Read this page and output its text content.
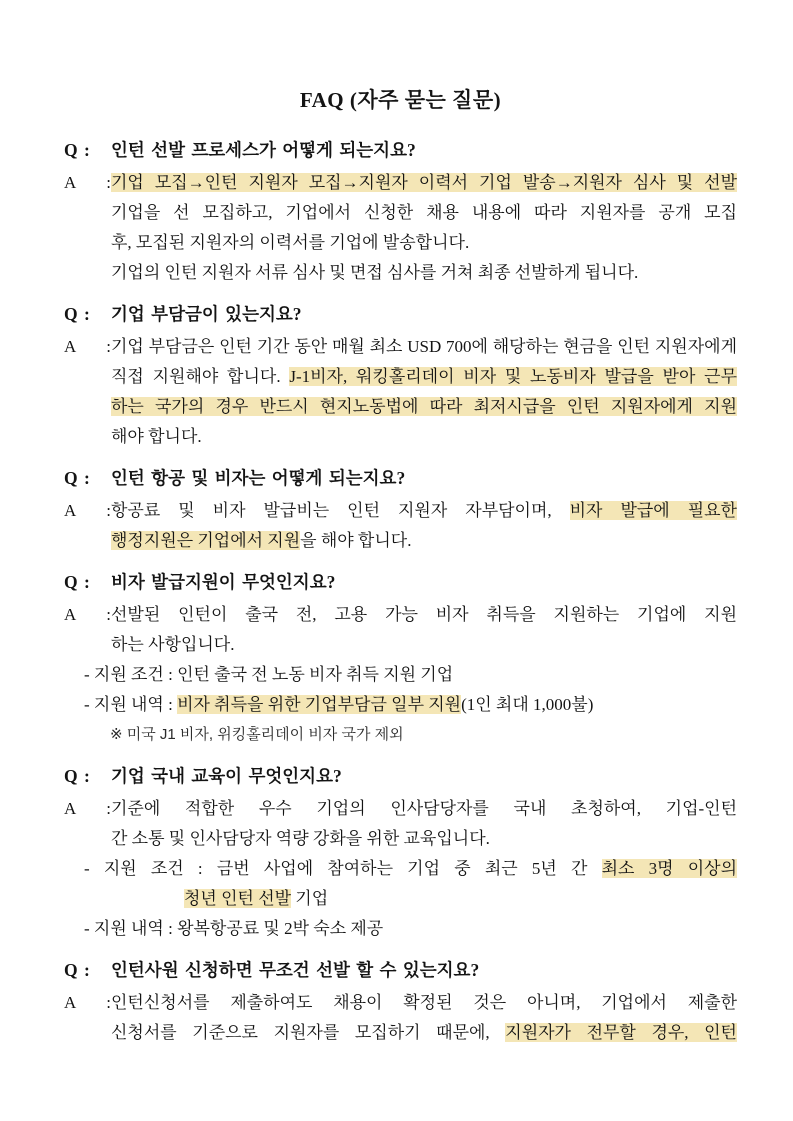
FAQ (자주 묻는 질문)
Q : 인턴 선발 프로세스가 어떻게 되는지요?
A :기업 모집→인턴 지원자 모집→지원자 이력서 기업 발송→지원자 심사 및 선발
기업을 선 모집하고, 기업에서 신청한 채용 내용에 따라 지원자를 공개 모집
후, 모집된 지원자의 이력서를 기업에 발송합니다.
기업의 인턴 지원자 서류 심사 및 면접 심사를 거쳐 최종 선발하게 됩니다.
Q : 기업 부담금이 있는지요?
A :기업 부담금은 인턴 기간 동안 매월 최소 USD 700에 해당하는 현금을 인턴 지원자에게
직접 지원해야 합니다. J-1비자, 워킹홀리데이 비자 및 노동비자 발급을 받아 근무
하는 국가의 경우 반드시 현지노동법에 따라 최저시급을 인턴 지원자에게 지원
해야 합니다.
Q : 인턴 항공 및 비자는 어떻게 되는지요?
A :항공료 및 비자 발급비는 인턴 지원자 자부담이며, 비자 발급에 필요한
행정지원은 기업에서 지원을 해야 합니다.
Q : 비자 발급지원이 무엇인지요?
A :선발된 인턴이 출국 전, 고용 가능 비자 취득을 지원하는 기업에 지원
하는 사항입니다.
- 지원 조건 : 인턴 출국 전 노동 비자 취득 지원 기업
- 지원 내역 : 비자 취득을 위한 기업부담금 일부 지원(1인 최대 1,000불)
※ 미국 J1 비자, 위킹홀리데이 비자 국가 제외
Q : 기업 국내 교육이 무엇인지요?
A :기준에 적합한 우수 기업의 인사담당자를 국내 초청하여, 기업-인턴
간 소통 및 인사담당자 역량 강화을 위한 교육입니다.
- 지원 조건 : 금번 사업에 참여하는 기업 중 최근 5년 간 최소 3명 이상의
청년 인턴 선발 기업
- 지원 내역 : 왕복항공료 및 2박 숙소 제공
Q : 인턴사원 신청하면 무조건 선발 할 수 있는지요?
A :인턴신청서를 제출하여도 채용이 확정된 것은 아니며, 기업에서 제출한
신청서를 기준으로 지원자를 모집하기 때문에, 지원자가 전무할 경우, 인턴
